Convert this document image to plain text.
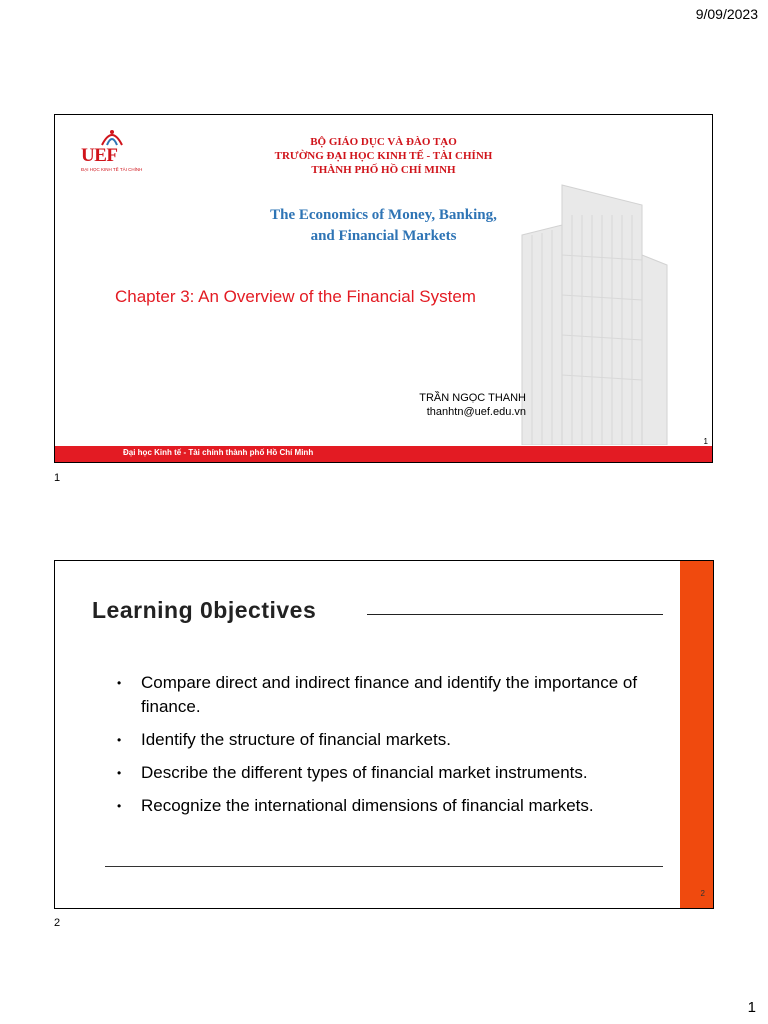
9/09/2023
UEF
ĐẠI HỌC KINH TẾ TÀI CHÍNH
BỘ GIÁO DỤC VÀ ĐÀO TẠO
TRƯỜNG ĐẠI HỌC KINH TẾ - TÀI CHÍNH
THÀNH PHỐ HỒ CHÍ MINH
The Economics of Money, Banking,
and Financial Markets
Chapter 3: An Overview of the Financial System
TRẦN NGỌC THANH
thanhtn@uef.edu.vn
1
Đại học Kinh tế - Tài chính thành phố Hồ Chí Minh
1
Learning 0bjectives
• Compare direct and indirect finance and identify the importance of finance.
• Identify the structure of financial markets.
• Describe the different types of financial market instruments.
• Recognize the international dimensions of financial markets.
2
2
1
